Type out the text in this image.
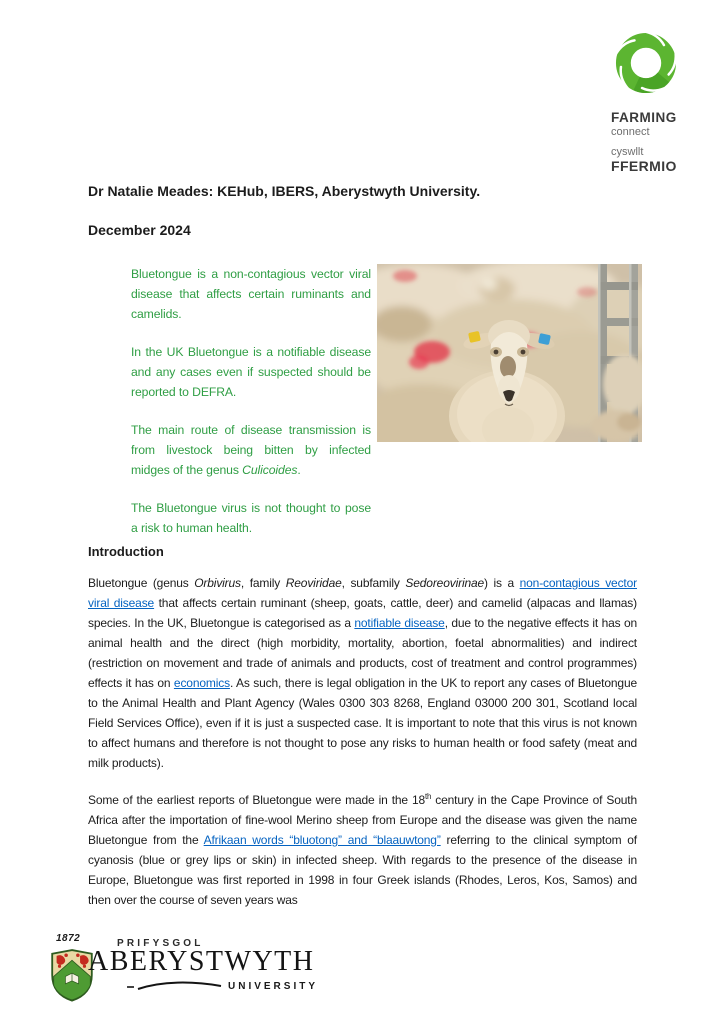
FARMING
connect
cyswllt
FFERMIO
Dr Natalie Meades: KEHub, IBERS, Aberystwyth University.
December 2024

Bluetongue is a non-contagious vector viral disease that affects certain ruminants and camelids.

In the UK Bluetongue is a notifiable disease and any cases even if suspected should be reported to DEFRA.

The main route of disease transmission is from livestock being bitten by infected midges of the genus Culicoides.

The Bluetongue virus is not thought to pose a risk to human health.

Introduction

Bluetongue (genus Orbivirus, family Reoviridae, subfamily Sedoreovirinae) is a non-contagious vector viral disease that affects certain ruminant (sheep, goats, cattle, deer) and camelid (alpacas and llamas) species. In the UK, Bluetongue is categorised as a notifiable disease, due to the negative effects it has on animal health and the direct (high morbidity, mortality, abortion, foetal abnormalities) and indirect (restriction on movement and trade of animals and products, cost of treatment and control programmes) effects it has on economics. As such, there is legal obligation in the UK to report any cases of Bluetongue to the Animal Health and Plant Agency (Wales 0300 303 8268, England 03000 200 301, Scotland local Field Services Office), even if it is just a suspected case. It is important to note that this virus is not known to affect humans and therefore is not thought to pose any risks to human health or food safety (meat and milk products).

Some of the earliest reports of Bluetongue were made in the 18th century in the Cape Province of South Africa after the importation of fine-wool Merino sheep from Europe and the disease was given the name Bluetongue from the Afrikaan words “bluotong” and “blaauwtong” referring to the clinical symptom of cyanosis (blue or grey lips or skin) in infected sheep. With regards to the presence of the disease in Europe, Bluetongue was first reported in 1998 in four Greek islands (Rhodes, Leros, Kos, Samos) and then over the course of seven years was

1872	PRIFYSGOL
ABERYSTWYTH
UNIVERSITY
